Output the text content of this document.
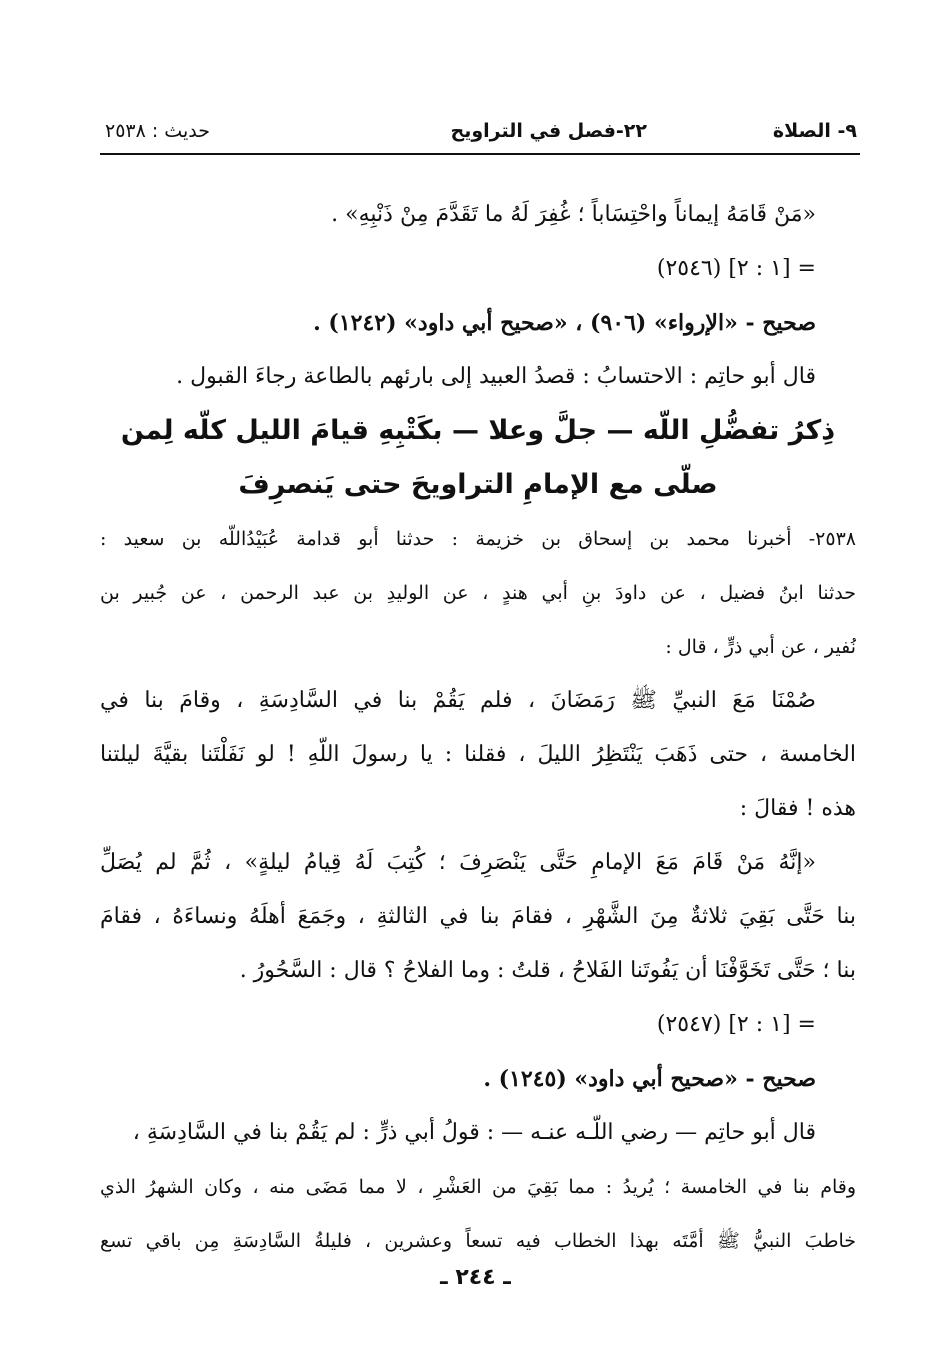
٩- الصلاة
٢٢-فصل في التراويح
حديث : ٢٥٣٨
«مَنْ قَامَهُ إيماناً واحْتِسَاباً ؛ غُفِرَ لَهُ ما تَقَدَّمَ مِنْ ذَنْبِهِ» .
= [١ : ٢] (٢٥٤٦)
صحيح - «الإرواء» (٩٠٦) ، «صحيح أبي داود» (١٢٤٢) .
قال أبو حاتِم : الاحتسابُ : قصدُ العبيد إلى بارئهم بالطاعة رجاءَ القبول .
ذِكرُ تفضُّلِ اللّه — جلَّ وعلا — بكَتْبِهِ قيامَ الليل كلّه لِمن
صلّى مع الإمامِ التراويحَ حتى يَنصرِفَ
٢٥٣٨- أخبرنا محمد بن إسحاق بن خزيمة : حدثنا أبو قدامة عُبَيْدُاللّه بن سعيد :
حدثنا ابنُ فضيل ، عن داودَ بنِ أبي هندٍ ، عن الوليدِ بن عبد الرحمن ، عن جُبير بن
نُفير ، عن أبي ذرٍّ ، قال :
صُمْنَا مَعَ النبيِّ ﷺ رَمَضَانَ ، فلم يَقُمْ بنا في السَّادِسَةِ ، وقامَ بنا في
الخامسة ، حتى ذَهَبَ يَنْتَظِرُ الليلَ ، فقلنا : يا رسولَ اللّهِ ! لو نَفَلْتَنا بقيَّةَ ليلتنا
هذه ! فقالَ :
«إنَّهُ مَنْ قَامَ مَعَ الإمامِ حَتَّى يَنْصَرِفَ ؛ كُتِبَ لَهُ قِيامُ ليلةٍ» ، ثُمَّ لم يُصَلِّ
بنا حَتَّى بَقِيَ ثلاثةٌ مِنَ الشَّهْرِ ، فقامَ بنا في الثالثةِ ، وجَمَعَ أهلَهُ ونساءَهُ ، فقامَ
بنا ؛ حَتَّى تَخَوَّفْنَا أن يَفُوتَنا الفَلاحُ ، قلتُ : وما الفلاحُ ؟ قال : السَّحُورُ .
= [١ : ٢] (٢٥٤٧)
صحيح - «صحيح أبي داود» (١٢٤٥) .
قال أبو حاتِم — رضي اللّـه عنـه — : قولُ أبي ذرٍّ : لم يَقُمْ بنا في السَّادِسَةِ ،
وقام بنا في الخامسة ؛ يُريدُ : مما بَقِيَ من العَشْرِ ، لا مما مَضَى منه ، وكان الشهرُ الذي
خاطبَ النبيُّ ﷺ أمَّتَه بهذا الخطاب فيه تسعاً وعشرين ، فليلةُ السَّادِسَةِ مِن باقي تسع
ـ ٢٤٤ ـ
